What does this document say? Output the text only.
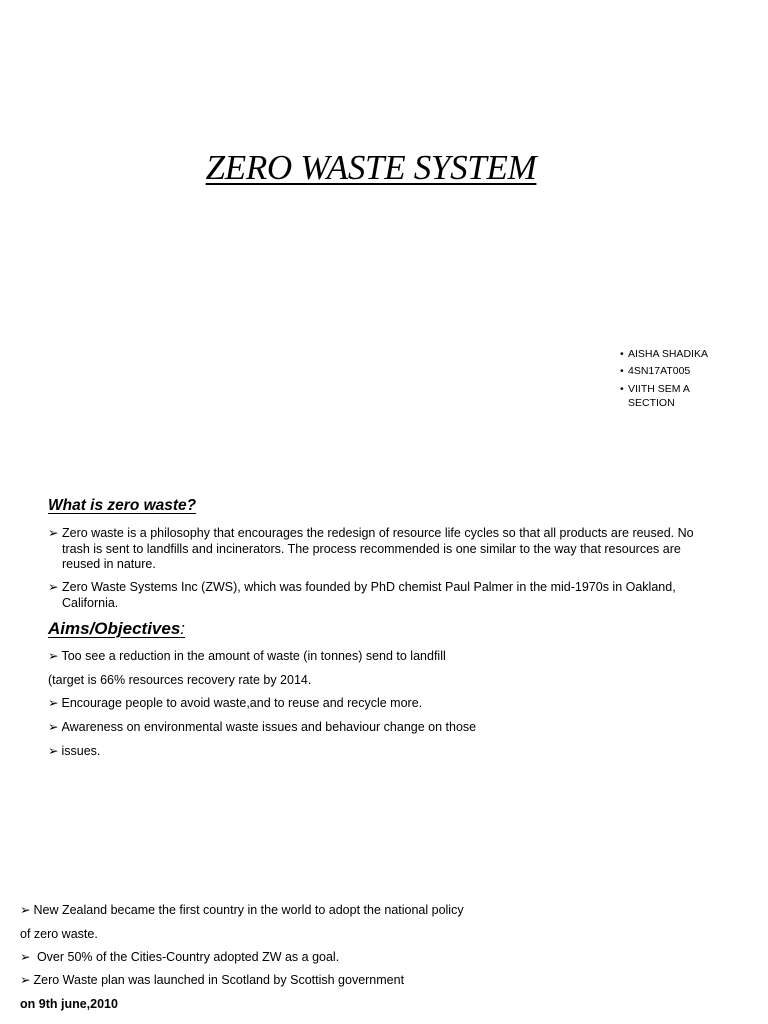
ZERO WASTE SYSTEM
• AISHA SHADIKA
• 4SN17AT005
• VIITH SEM A
SECTION
What is zero waste?
➢ Zero waste is a philosophy that encourages the redesign of resource life cycles so that all products are reused. No trash is sent to landfills and incinerators. The process recommended is one similar to the way that resources are reused in nature.
➢ Zero Waste Systems Inc (ZWS), which was founded by PhD chemist Paul Palmer in the mid-1970s in Oakland, California.
Aims/Objectives:
➢ Too see a reduction in the amount of waste (in tonnes) send to landfill
(target is 66% resources recovery rate by 2014.
➢ Encourage people to avoid waste,and to reuse and recycle more.
➢ Awareness on environmental waste issues and behaviour change on those
➢ issues.
➢ New Zealand became the first country in the world to adopt the national policy
of zero waste.
➢ Over 50% of the Cities-Country adopted ZW as a goal.
➢ Zero Waste plan was launched in Scotland by Scottish government
on 9th june,2010
